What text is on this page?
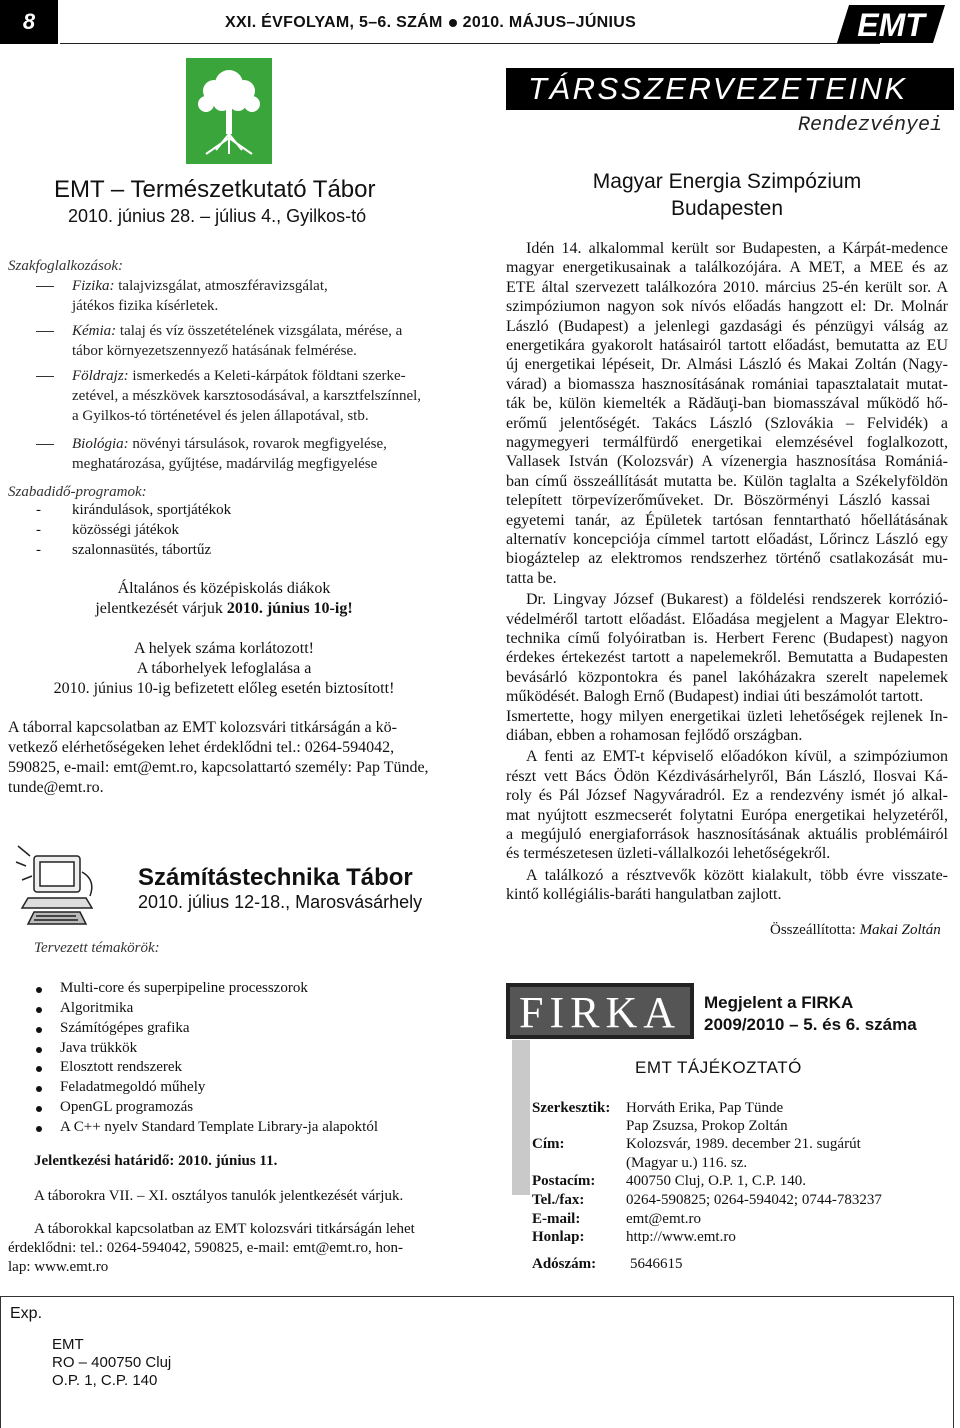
8	XXI. ÉVFOLYAM, 5–6. SZÁM 2010. MÁJUS–JÚNIUS	EMT
TÁRSSZERVEZETEINK
Rendezvényei
EMT – Természetkutató Tábor
2010. június 28. – július 4., Gyilkos-tó
Szakfoglalkozások:
Fizika: talajvizsgálat, atmoszféravizsgálat,
játékos fizika kísérletek.
Kémia: talaj és víz összetételének vizsgálata, mérése, a
tábor környezetszennyező hatásának felmérése.
Földrajz: ismerkedés a Keleti-kárpátok földtani szerke-
zetével, a mészkövek karsztosodásával, a karsztfelszínnel,
a Gyilkos-tó történetével és jelen állapotával, stb.
Biológia: növényi társulások, rovarok megfigyelése,
meghatározása, gyűjtése, madárvilág megfigyelése
Szabadidő-programok:
- kirándulások, sportjátékok
- közösségi játékok
- szalonnasütés, tábortűz
Általános és középiskolás diákok
jelentkezését várjuk 2010. június 10-ig!
A helyek száma korlátozott!
A táborhelyek lefoglalása a
2010. június 10-ig befizetett előleg esetén biztosított!
A táborral kapcsolatban az EMT kolozsvári titkárságán a kö-
vetkező elérhetőségeken lehet érdeklődni tel.: 0264-594042,
590825, e-mail: emt@emt.ro, kapcsolattartó személy: Pap Tünde,
tunde@emt.ro.
Számítástechnika Tábor
2010. július 12-18., Marosvásárhely
Tervezett témakörök:
Multi-core és superpipeline processzorok
Algoritmika
Számítógépes grafika
Java trükkök
Elosztott rendszerek
Feladatmegoldó műhely
OpenGL programozás
A C++ nyelv Standard Template Library-ja alapoktól
Jelentkezési határidő: 2010. június 11.
A táborokra VII. – XI. osztályos tanulók jelentkezését várjuk.
A táborokkal kapcsolatban az EMT kolozsvári titkárságán lehet
érdeklődni: tel.: 0264-594042, 590825, e-mail: emt@emt.ro, hon-
lap: www.emt.ro
Magyar Energia Szimpózium
Budapesten
Idén 14. alkalommal került sor Budapesten, a Kárpát-medence
magyar energetikusainak a találkozójára. A MET, a MEE és az
ETE által szervezett találkozóra 2010. március 25-én került sor. A
szimpóziumon nagyon sok nívós előadás hangzott el: Dr. Molnár
László (Budapest) a jelenlegi gazdasági és pénzügyi válság az
energetikára gyakorolt hatásairól tartott előadást, bemutatta az EU
új energetikai lépéseit, Dr. Almási László és Makai Zoltán (Nagy-
várad) a biomassza hasznosításának romániai tapasztalatait mutat-
ták be, külön kiemelték a Rădăuţi-ban biomasszával működő hő-
erőmű jelentőségét. Takács László (Szlovákia – Felvidék) a
nagymegyeri termálfürdő energetikai elemzésével foglalkozott,
Vallasek István (Kolozsvár) A vízenergia hasznosítása Romániá-
ban című összeállítását mutatta be. Külön taglalta a Székelyföldön
telepített törpevízerőműveket. Dr. Böszörményi László kassai
egyetemi tanár, az Épületek tartósan fenntartható hőellátásának
alternatív koncepciója címmel tartott előadást, Lőrincz László egy
biogáztelep az elektromos rendszerhez történő csatlakozását mu-
tatta be.
Dr. Lingvay József (Bukarest) a földelési rendszerek korrózió-
védelméről tartott előadást. Előadása megjelent a Magyar Elektro-
technika című folyóiratban is. Herbert Ferenc (Budapest) nagyon
érdekes értekezést tartott a napelemekről. Bemutatta a Budapesten
bevásárló központokra és panel lakóházakra szerelt napelemek
működését. Balogh Ernő (Budapest) indiai úti beszámolót tartott.
Ismertette, hogy milyen energetikai üzleti lehetőségek rejlenek In-
diában, ebben a rohamosan fejlődő országban.
A fenti az EMT-t képviselő előadókon kívül, a szimpóziumon
részt vett Bács Ödön Kézdivásárhelyről, Bán László, Ilosvai Ká-
roly és Pál József Nagyváradról. Ez a rendezvény ismét jó alkal-
mat nyújtott eszmecserét folytatni Európa energetikai helyzetéről,
a megújuló energiaforrások hasznosításának aktuális problémáiról
és természetesen üzleti-vállalkozói lehetőségekről.
A találkozó a résztvevők között kialakult, több évre visszate-
kintő kollégiális-baráti hangulatban zajlott.
Összeállította: Makai Zoltán
FIRKA Megjelent a FIRKA
2009/2010 – 5. és 6. száma
EMT TÁJÉKOZTATÓ
Szerkesztik: Horváth Erika, Pap Tünde
Pap Zsuzsa, Prokop Zoltán
Cím:	Kolozsvár, 1989. december 21. sugárút
(Magyar u.) 116. sz.
Postacím: 400750 Cluj, O.P. 1, C.P. 140.
Tel./fax:	0264-590825; 0264-594042; 0744-783237
E-mail:	emt@emt.ro
Honlap:	http://www.emt.ro
Adószám: 5646615
Exp.
EMT
RO – 400750 Cluj
O.P. 1, C.P. 140
